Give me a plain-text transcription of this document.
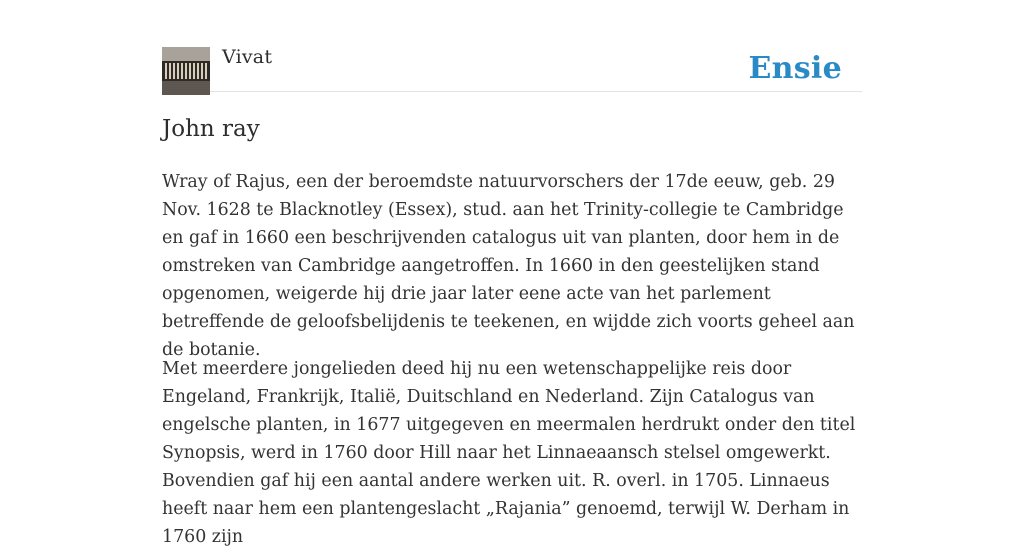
Vivat	Ensie
John ray

Wray of Rajus, een der beroemdste natuurvorschers der 17de eeuw, geb. 29 Nov. 1628 te Blacknotley (Essex), stud. aan het Trinity-collegie te Cambridge en gaf in 1660 een beschrijvenden catalogus uit van planten, door hem in de omstreken van Cambridge aangetroffen. In 1660 in den geestelijken stand opgenomen, weigerde hij drie jaar later eene acte van het parlement betreffende de geloofsbelijdenis te teekenen, en wijdde zich voorts geheel aan de botanie.

Met meerdere jongelieden deed hij nu een wetenschappelijke reis door Engeland, Frankrijk, Italië, Duitschland en Nederland. Zijn Catalogus van engelsche planten, in 1677 uitgegeven en meermalen herdrukt onder den titel Synopsis, werd in 1760 door Hill naar het Linnaeaansch stelsel omgewerkt. Bovendien gaf hij een aantal andere werken uit. R. overl. in 1705. Linnaeus heeft naar hem een plantengeslacht „Rajania” genoemd, terwijl W. Derham in 1760 zijn
